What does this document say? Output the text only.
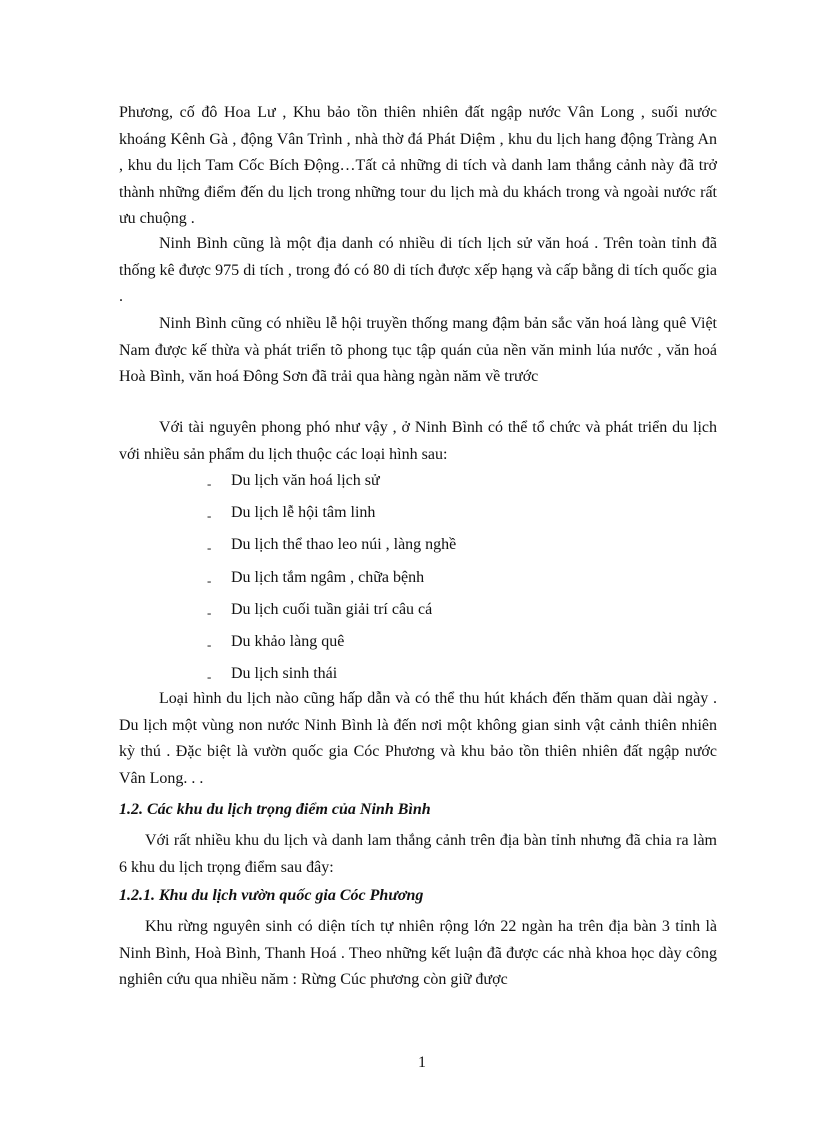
Phương, cố đô Hoa Lư , Khu bảo tồn thiên nhiên đất ngập nước Vân Long , suối nước khoáng Kênh Gà , động Vân Trình , nhà thờ đá Phát Diệm , khu du lịch hang động Tràng An , khu du lịch Tam Cốc Bích Động…Tất cả những di tích và danh lam thắng cảnh này đã trở thành những điểm đến du lịch trong những tour du lịch mà du khách trong và ngoài nước rất ưu chuộng .

Ninh Bình cũng là một địa danh có nhiều di tích lịch sử văn hoá . Trên toàn tỉnh đã thống kê được 975 di tích , trong đó có 80 di tích được xếp hạng và cấp bằng di tích quốc gia .

Ninh Bình cũng có nhiều lễ hội truyền thống mang đậm bản sắc văn hoá làng quê Việt Nam được kế thừa và phát triển tõ phong tục tập quán của nền văn minh lúa nước , văn hoá Hoà Bình, văn hoá Đông Sơn đã trải qua hàng ngàn năm về trước

Với tài nguyên phong phó như vậy , ở Ninh Bình có thể tổ chức và phát triển du lịch với nhiều sản phẩm du lịch thuộc các loại hình sau:

- Du lịch văn hoá lịch sử
- Du lịch lễ hội tâm linh
- Du lịch thể thao leo núi , làng nghề
- Du lịch tắm ngâm , chữa bệnh
- Du lịch cuối tuần giải trí câu cá
- Du khảo làng quê
- Du lịch sinh thái

Loại hình du lịch nào cũng hấp dẫn và có thể thu hút khách đến thăm quan dài ngày . Du lịch một vùng non nước Ninh Bình là đến nơi một không gian sinh vật cảnh thiên nhiên kỳ thú . Đặc biệt là vườn quốc gia Cóc Phương và khu bảo tồn thiên nhiên đất ngập nước Vân Long. . .

1.2. Các khu du lịch trọng điểm của Ninh Bình

Với rất nhiều khu du lịch và danh lam thắng cảnh trên địa bàn tỉnh nhưng đã chia ra làm 6 khu du lịch trọng điểm sau đây:

1.2.1. Khu du lịch vườn quốc gia Cóc Phương

Khu rừng nguyên sinh có diện tích tự nhiên rộng lớn 22 ngàn ha trên địa bàn 3 tỉnh là Ninh Bình, Hoà Bình, Thanh Hoá . Theo những kết luận đã được các nhà khoa học dày công nghiên cứu qua nhiều năm : Rừng Cúc phương còn giữ được

1
